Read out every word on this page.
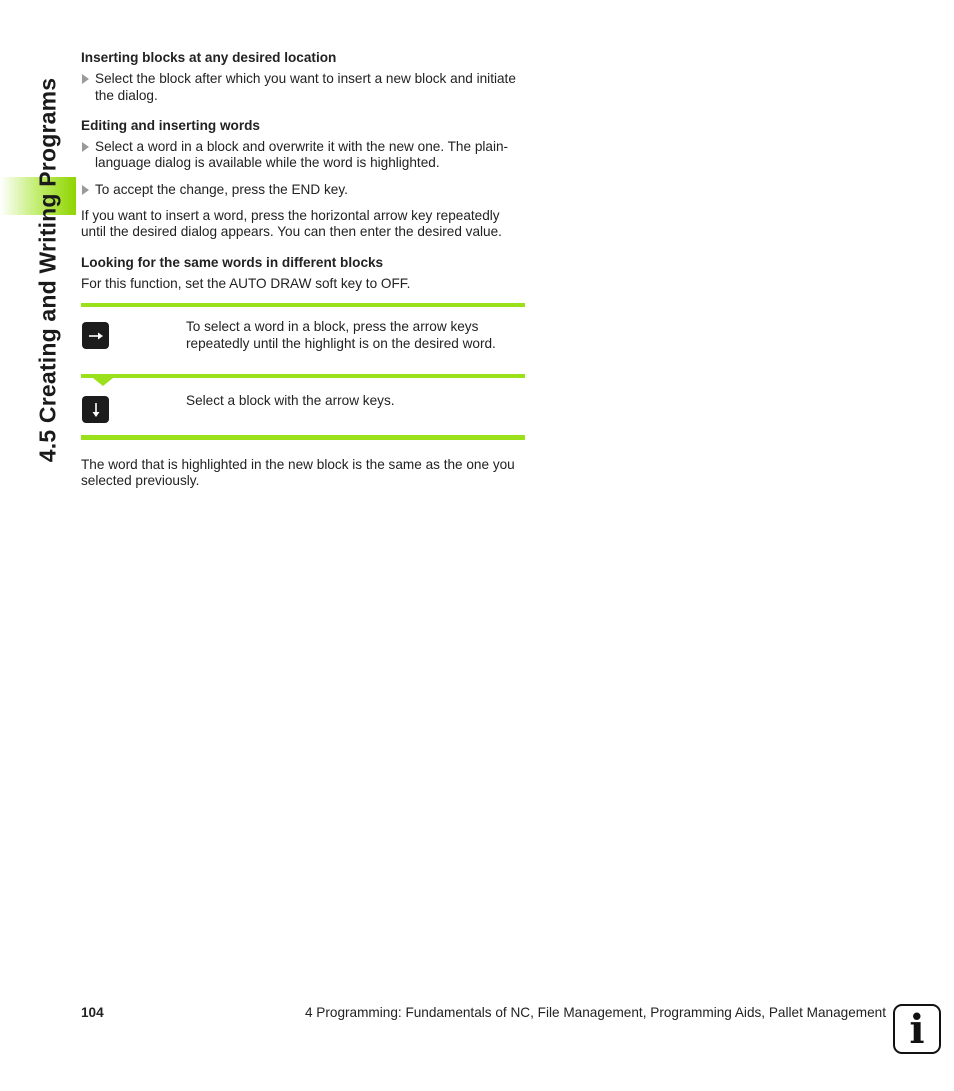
4.5 Creating and Writing Programs

Inserting blocks at any desired location

Select the block after which you want to insert a new block and initiate the dialog.

Editing and inserting words

Select a word in a block and overwrite it with the new one. The plain-language dialog is available while the word is highlighted.

To accept the change, press the END key.

If you want to insert a word, press the horizontal arrow key repeatedly until the desired dialog appears. You can then enter the desired value.

Looking for the same words in different blocks

For this function, set the AUTO DRAW soft key to OFF.

To select a word in a block, press the arrow keys repeatedly until the highlight is on the desired word.
Select a block with the arrow keys.

The word that is highlighted in the new block is the same as the one you selected previously.

104	4 Programming: Fundamentals of NC, File Management, Programming Aids, Pallet Management i
